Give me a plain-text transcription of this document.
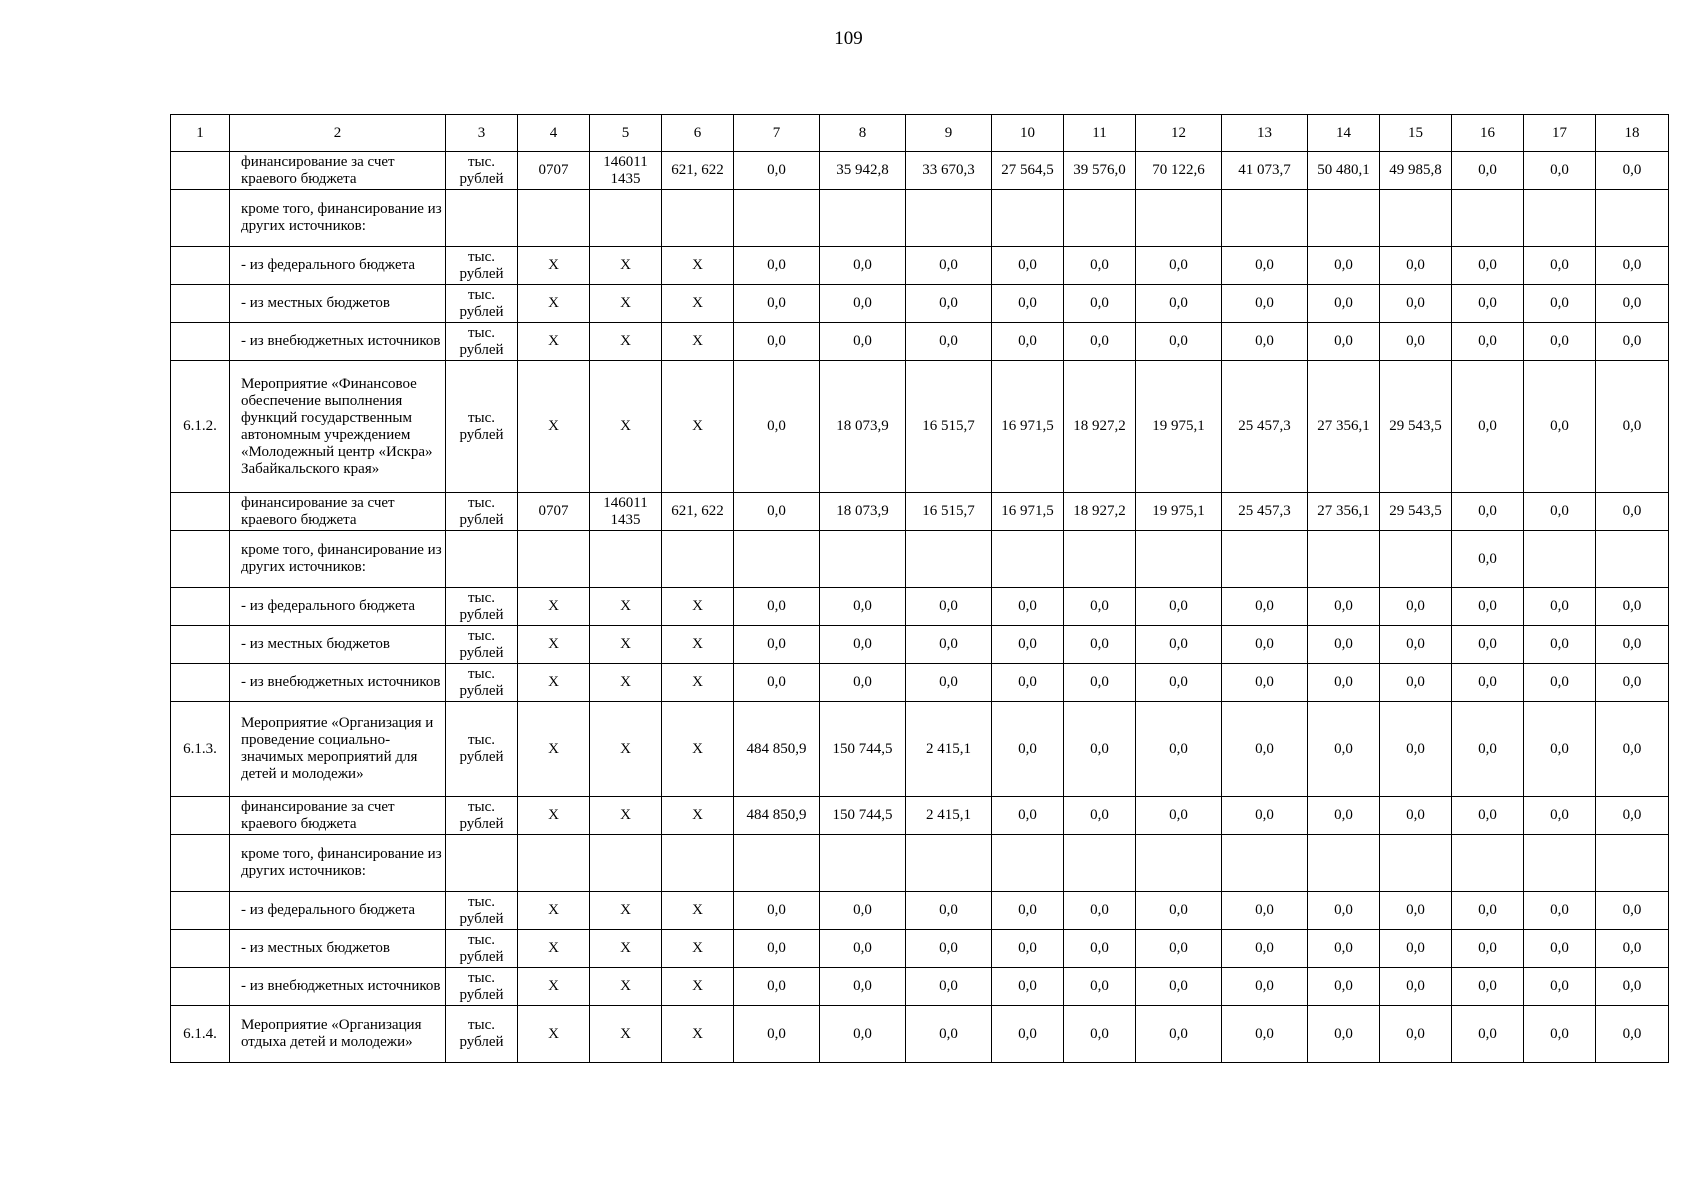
109
1	2	3	4	5	6	7	8	9	10	11	12	13	14	15	16	17	18
	финансирование за счет краевого бюджета	тыс. рублей	0707	146011 1435	621, 622	0,0	35 942,8	33 670,3	27 564,5	39 576,0	70 122,6	41 073,7	50 480,1	49 985,8	0,0	0,0	0,0
	кроме того, финансирование из других источников:																
	- из федерального бюджета	тыс. рублей	X	X	X	0,0	0,0	0,0	0,0	0,0	0,0	0,0	0,0	0,0	0,0	0,0	0,0
	- из местных бюджетов	тыс. рублей	X	X	X	0,0	0,0	0,0	0,0	0,0	0,0	0,0	0,0	0,0	0,0	0,0	0,0
	- из внебюджетных источников	тыс. рублей	X	X	X	0,0	0,0	0,0	0,0	0,0	0,0	0,0	0,0	0,0	0,0	0,0	0,0
6.1.2.	Мероприятие «Финансовое обеспечение выполнения функций государственным автономным учреждением «Молодежный центр «Искра» Забайкальского края»	тыс. рублей	X	X	X	0,0	18 073,9	16 515,7	16 971,5	18 927,2	19 975,1	25 457,3	27 356,1	29 543,5	0,0	0,0	0,0
	финансирование за счет краевого бюджета	тыс. рублей	0707	146011 1435	621, 622	0,0	18 073,9	16 515,7	16 971,5	18 927,2	19 975,1	25 457,3	27 356,1	29 543,5	0,0	0,0	0,0
	кроме того, финансирование из других источников:														0,0		
	- из федерального бюджета	тыс. рублей	X	X	X	0,0	0,0	0,0	0,0	0,0	0,0	0,0	0,0	0,0	0,0	0,0	0,0
	- из местных бюджетов	тыс. рублей	X	X	X	0,0	0,0	0,0	0,0	0,0	0,0	0,0	0,0	0,0	0,0	0,0	0,0
	- из внебюджетных источников	тыс. рублей	X	X	X	0,0	0,0	0,0	0,0	0,0	0,0	0,0	0,0	0,0	0,0	0,0	0,0
6.1.3.	Мероприятие «Организация и проведение социально-значимых мероприятий для детей и молодежи»	тыс. рублей	X	X	X	484 850,9	150 744,5	2 415,1	0,0	0,0	0,0	0,0	0,0	0,0	0,0	0,0	0,0
	финансирование за счет краевого бюджета	тыс. рублей	X	X	X	484 850,9	150 744,5	2 415,1	0,0	0,0	0,0	0,0	0,0	0,0	0,0	0,0	0,0
	кроме того, финансирование из других источников:																
	- из федерального бюджета	тыс. рублей	X	X	X	0,0	0,0	0,0	0,0	0,0	0,0	0,0	0,0	0,0	0,0	0,0	0,0
	- из местных бюджетов	тыс. рублей	X	X	X	0,0	0,0	0,0	0,0	0,0	0,0	0,0	0,0	0,0	0,0	0,0	0,0
	- из внебюджетных источников	тыс. рублей	X	X	X	0,0	0,0	0,0	0,0	0,0	0,0	0,0	0,0	0,0	0,0	0,0	0,0
6.1.4.	Мероприятие «Организация отдыха детей и молодежи»	тыс. рублей	X	X	X	0,0	0,0	0,0	0,0	0,0	0,0	0,0	0,0	0,0	0,0	0,0	0,0
